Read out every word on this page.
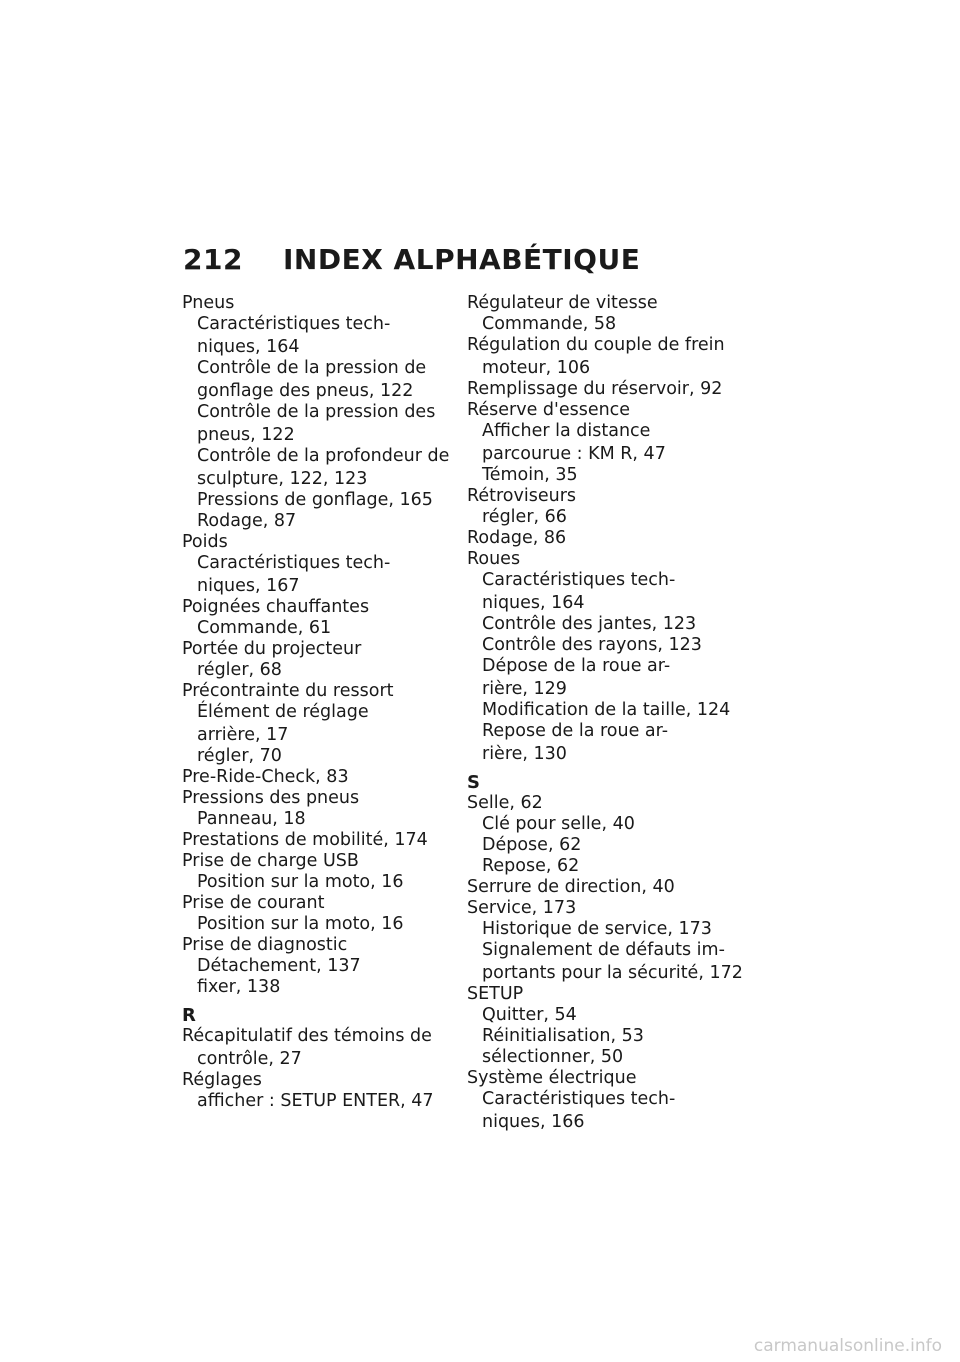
212 INDEX ALPHABÉTIQUE
Pneus
Caractéristiques tech-
niques, 164
Contrôle de la pression de
gonflage des pneus, 122
Contrôle de la pression des
pneus, 122
Contrôle de la profondeur de
sculpture, 122, 123
Pressions de gonflage, 165
Rodage, 87
Poids
Caractéristiques tech-
niques, 167
Poignées chauffantes
Commande, 61
Portée du projecteur
régler, 68
Précontrainte du ressort
Élément de réglage
arrière, 17
régler, 70
Pre-Ride-Check, 83
Pressions des pneus
Panneau, 18
Prestations de mobilité, 174
Prise de charge USB
Position sur la moto, 16
Prise de courant
Position sur la moto, 16
Prise de diagnostic
Détachement, 137
fixer, 138
R
Récapitulatif des témoins de
contrôle, 27
Réglages
afficher : SETUP ENTER, 47
Régulateur de vitesse
Commande, 58
Régulation du couple de frein
moteur, 106
Remplissage du réservoir, 92
Réserve d'essence
Afficher la distance
parcourue : KM R, 47
Témoin, 35
Rétroviseurs
régler, 66
Rodage, 86
Roues
Caractéristiques tech-
niques, 164
Contrôle des jantes, 123
Contrôle des rayons, 123
Dépose de la roue ar-
rière, 129
Modification de la taille, 124
Repose de la roue ar-
rière, 130
S
Selle, 62
Clé pour selle, 40
Dépose, 62
Repose, 62
Serrure de direction, 40
Service, 173
Historique de service, 173
Signalement de défauts im-
portants pour la sécurité, 172
SETUP
Quitter, 54
Réinitialisation, 53
sélectionner, 50
Système électrique
Caractéristiques tech-
niques, 166
carmanualsonline.info
